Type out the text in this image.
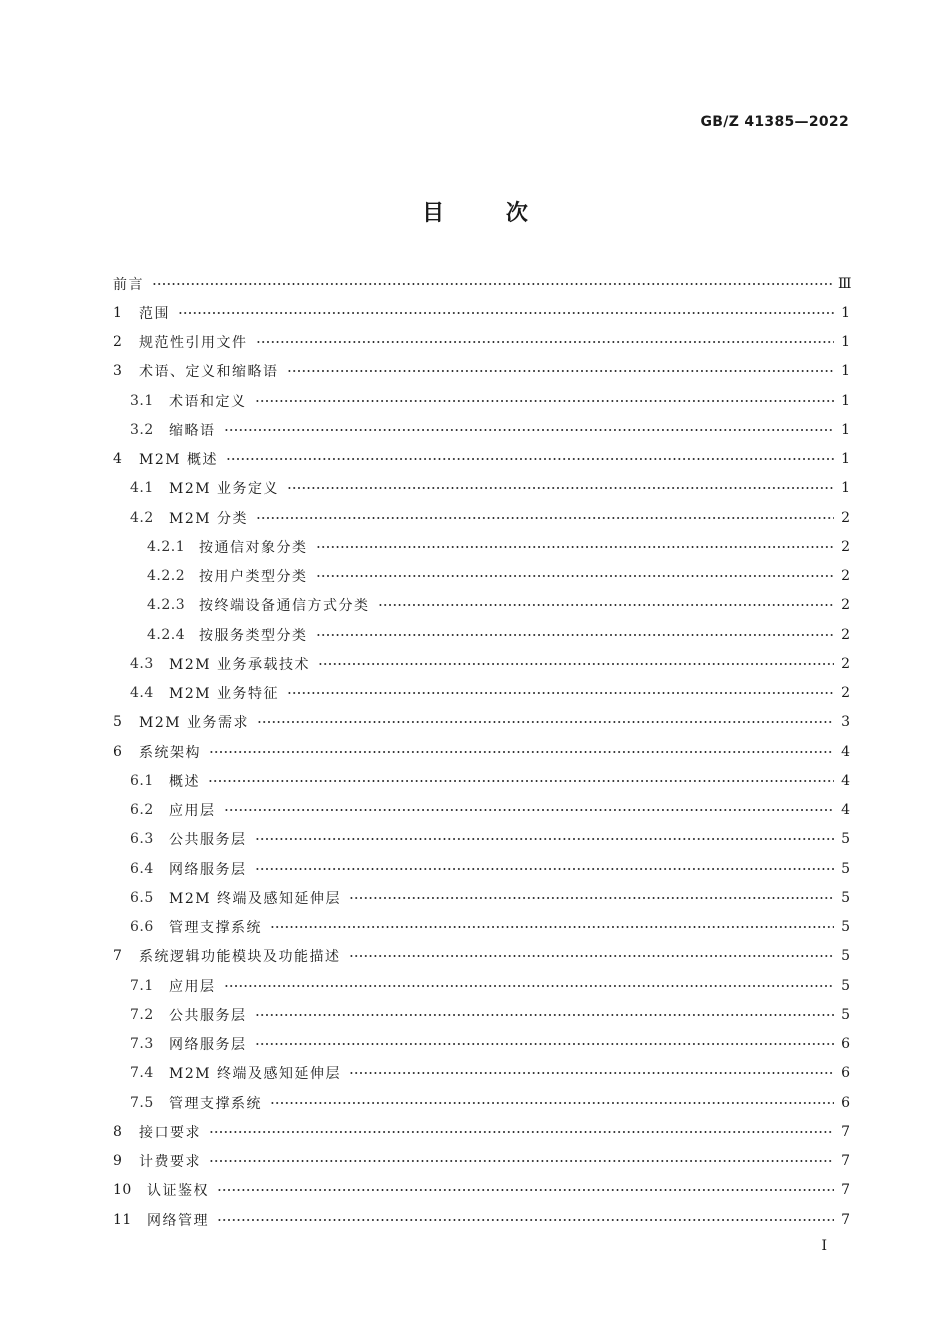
GB/Z 41385—2022
目 次
前言	Ⅲ
1	范围	1
2	规范性引用文件	1
3	术语、定义和缩略语	1
3.1	术语和定义	1
3.2	缩略语	1
4	M2M 概述	1
4.1	M2M 业务定义	1
4.2	M2M 分类	2
4.2.1 按通信对象分类	2
4.2.2 按用户类型分类	2
4.2.3 按终端设备通信方式分类	2
4.2.4 按服务类型分类	2
4.3	M2M 业务承载技术	2
4.4	M2M 业务特征	2
5	M2M 业务需求	3
6	系统架构	4
6.1	概述	4
6.2	应用层	4
6.3	公共服务层	5
6.4	网络服务层	5
6.5	M2M 终端及感知延伸层	5
6.6	管理支撑系统	5
7	系统逻辑功能模块及功能描述	5
7.1	应用层	5
7.2	公共服务层	5
7.3	网络服务层	6
7.4	M2M 终端及感知延伸层	6
7.5	管理支撑系统	6
8	接口要求	7
9	计费要求	7
10	认证鉴权	7
11	网络管理	7
Ⅰ
